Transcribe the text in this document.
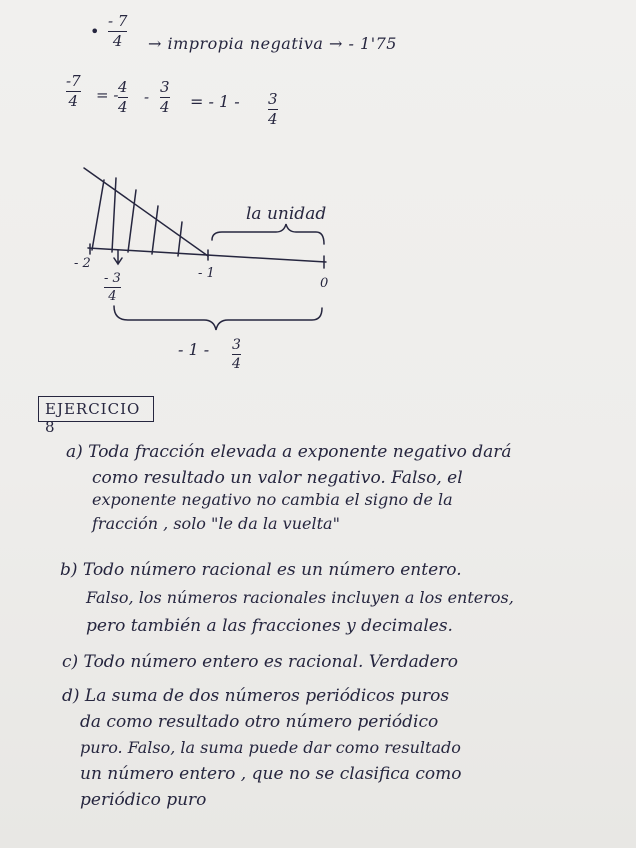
•
- 7
4 → impropia negativa → - 1'75
-7
4 = - 4
4
-
3
4 = - 1 - 3
4
la unidad
- 2
- 1
0
- 3
4
- 1 - 3
4
EJERCICIO 8
a) Toda fracción elevada a exponente negativo dará
como resultado un valor negativo. Falso, el
exponente negativo no cambia el signo de la
fracción , solo "le da la vuelta"
b) Todo número racional es un número entero.
Falso, los números racionales incluyen a los enteros,
pero también a las fracciones y decimales.
c) Todo número entero es racional. Verdadero
d) La suma de dos números periódicos puros
da como resultado otro número periódico
puro. Falso, la suma puede dar como resultado
un número entero , que no se clasifica como
periódico puro
